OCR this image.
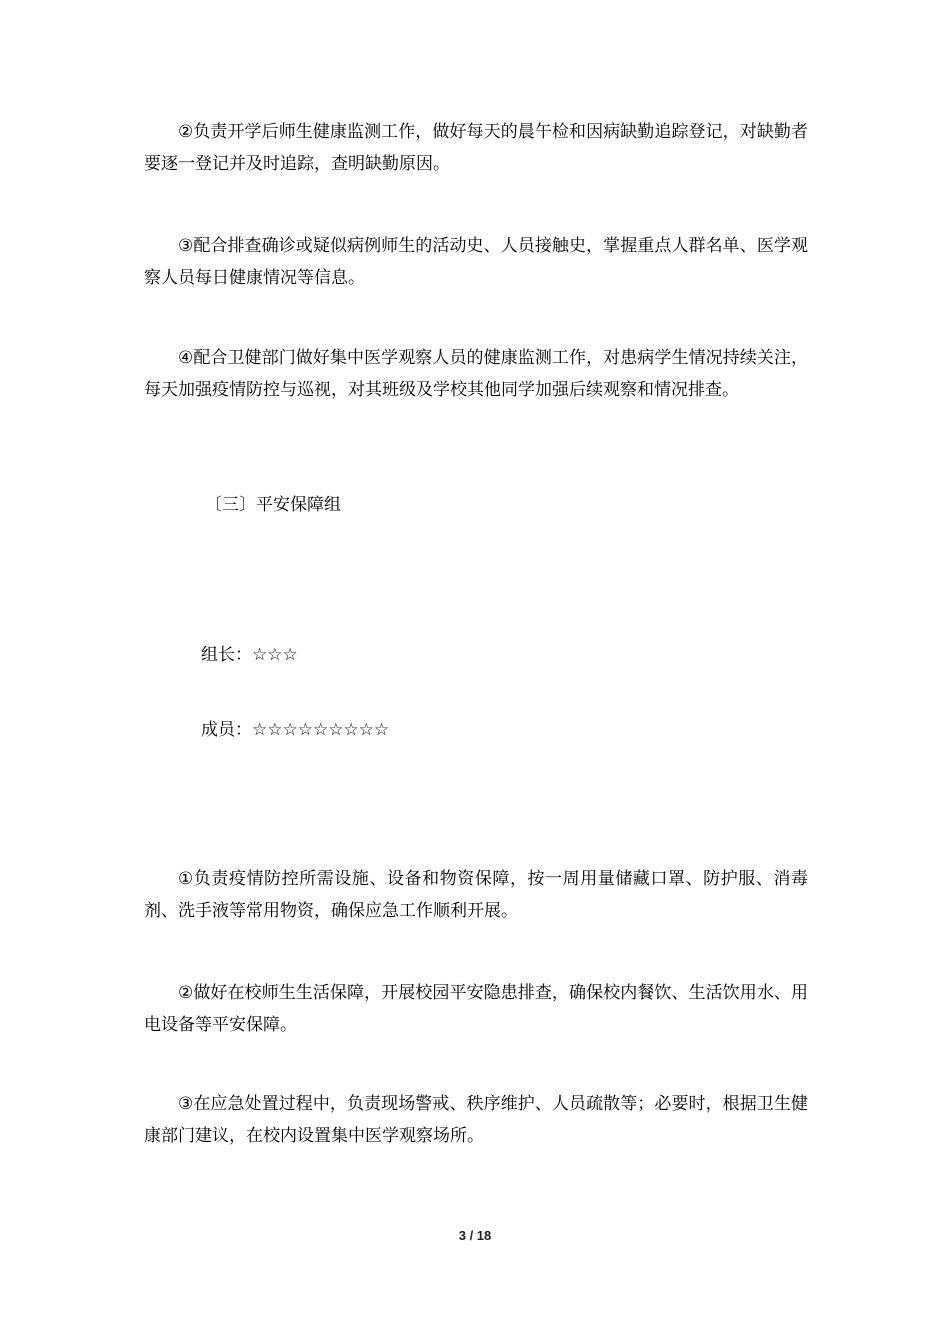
②负责开学后师生健康监测工作，做好每天的晨午检和因病缺勤追踪登记，对缺勤者要逐一登记并及时追踪，查明缺勤原因。

③配合排查确诊或疑似病例师生的活动史、人员接触史，掌握重点人群名单、医学观察人员每日健康情况等信息。

④配合卫健部门做好集中医学观察人员的健康监测工作，对患病学生情况持续关注，每天加强疫情防控与巡视，对其班级及学校其他同学加强后续观察和情况排查。

〔三〕平安保障组

组长：☆☆☆

成员：☆☆☆☆☆☆☆☆☆

①负责疫情防控所需设施、设备和物资保障，按一周用量储藏口罩、防护服、消毒剂、洗手液等常用物资，确保应急工作顺利开展。

②做好在校师生生活保障，开展校园平安隐患排查，确保校内餐饮、生活饮用水、用电设备等平安保障。

③在应急处置过程中，负责现场警戒、秩序维护、人员疏散等；必要时，根据卫生健康部门建议，在校内设置集中医学观察场所。

3 / 18
